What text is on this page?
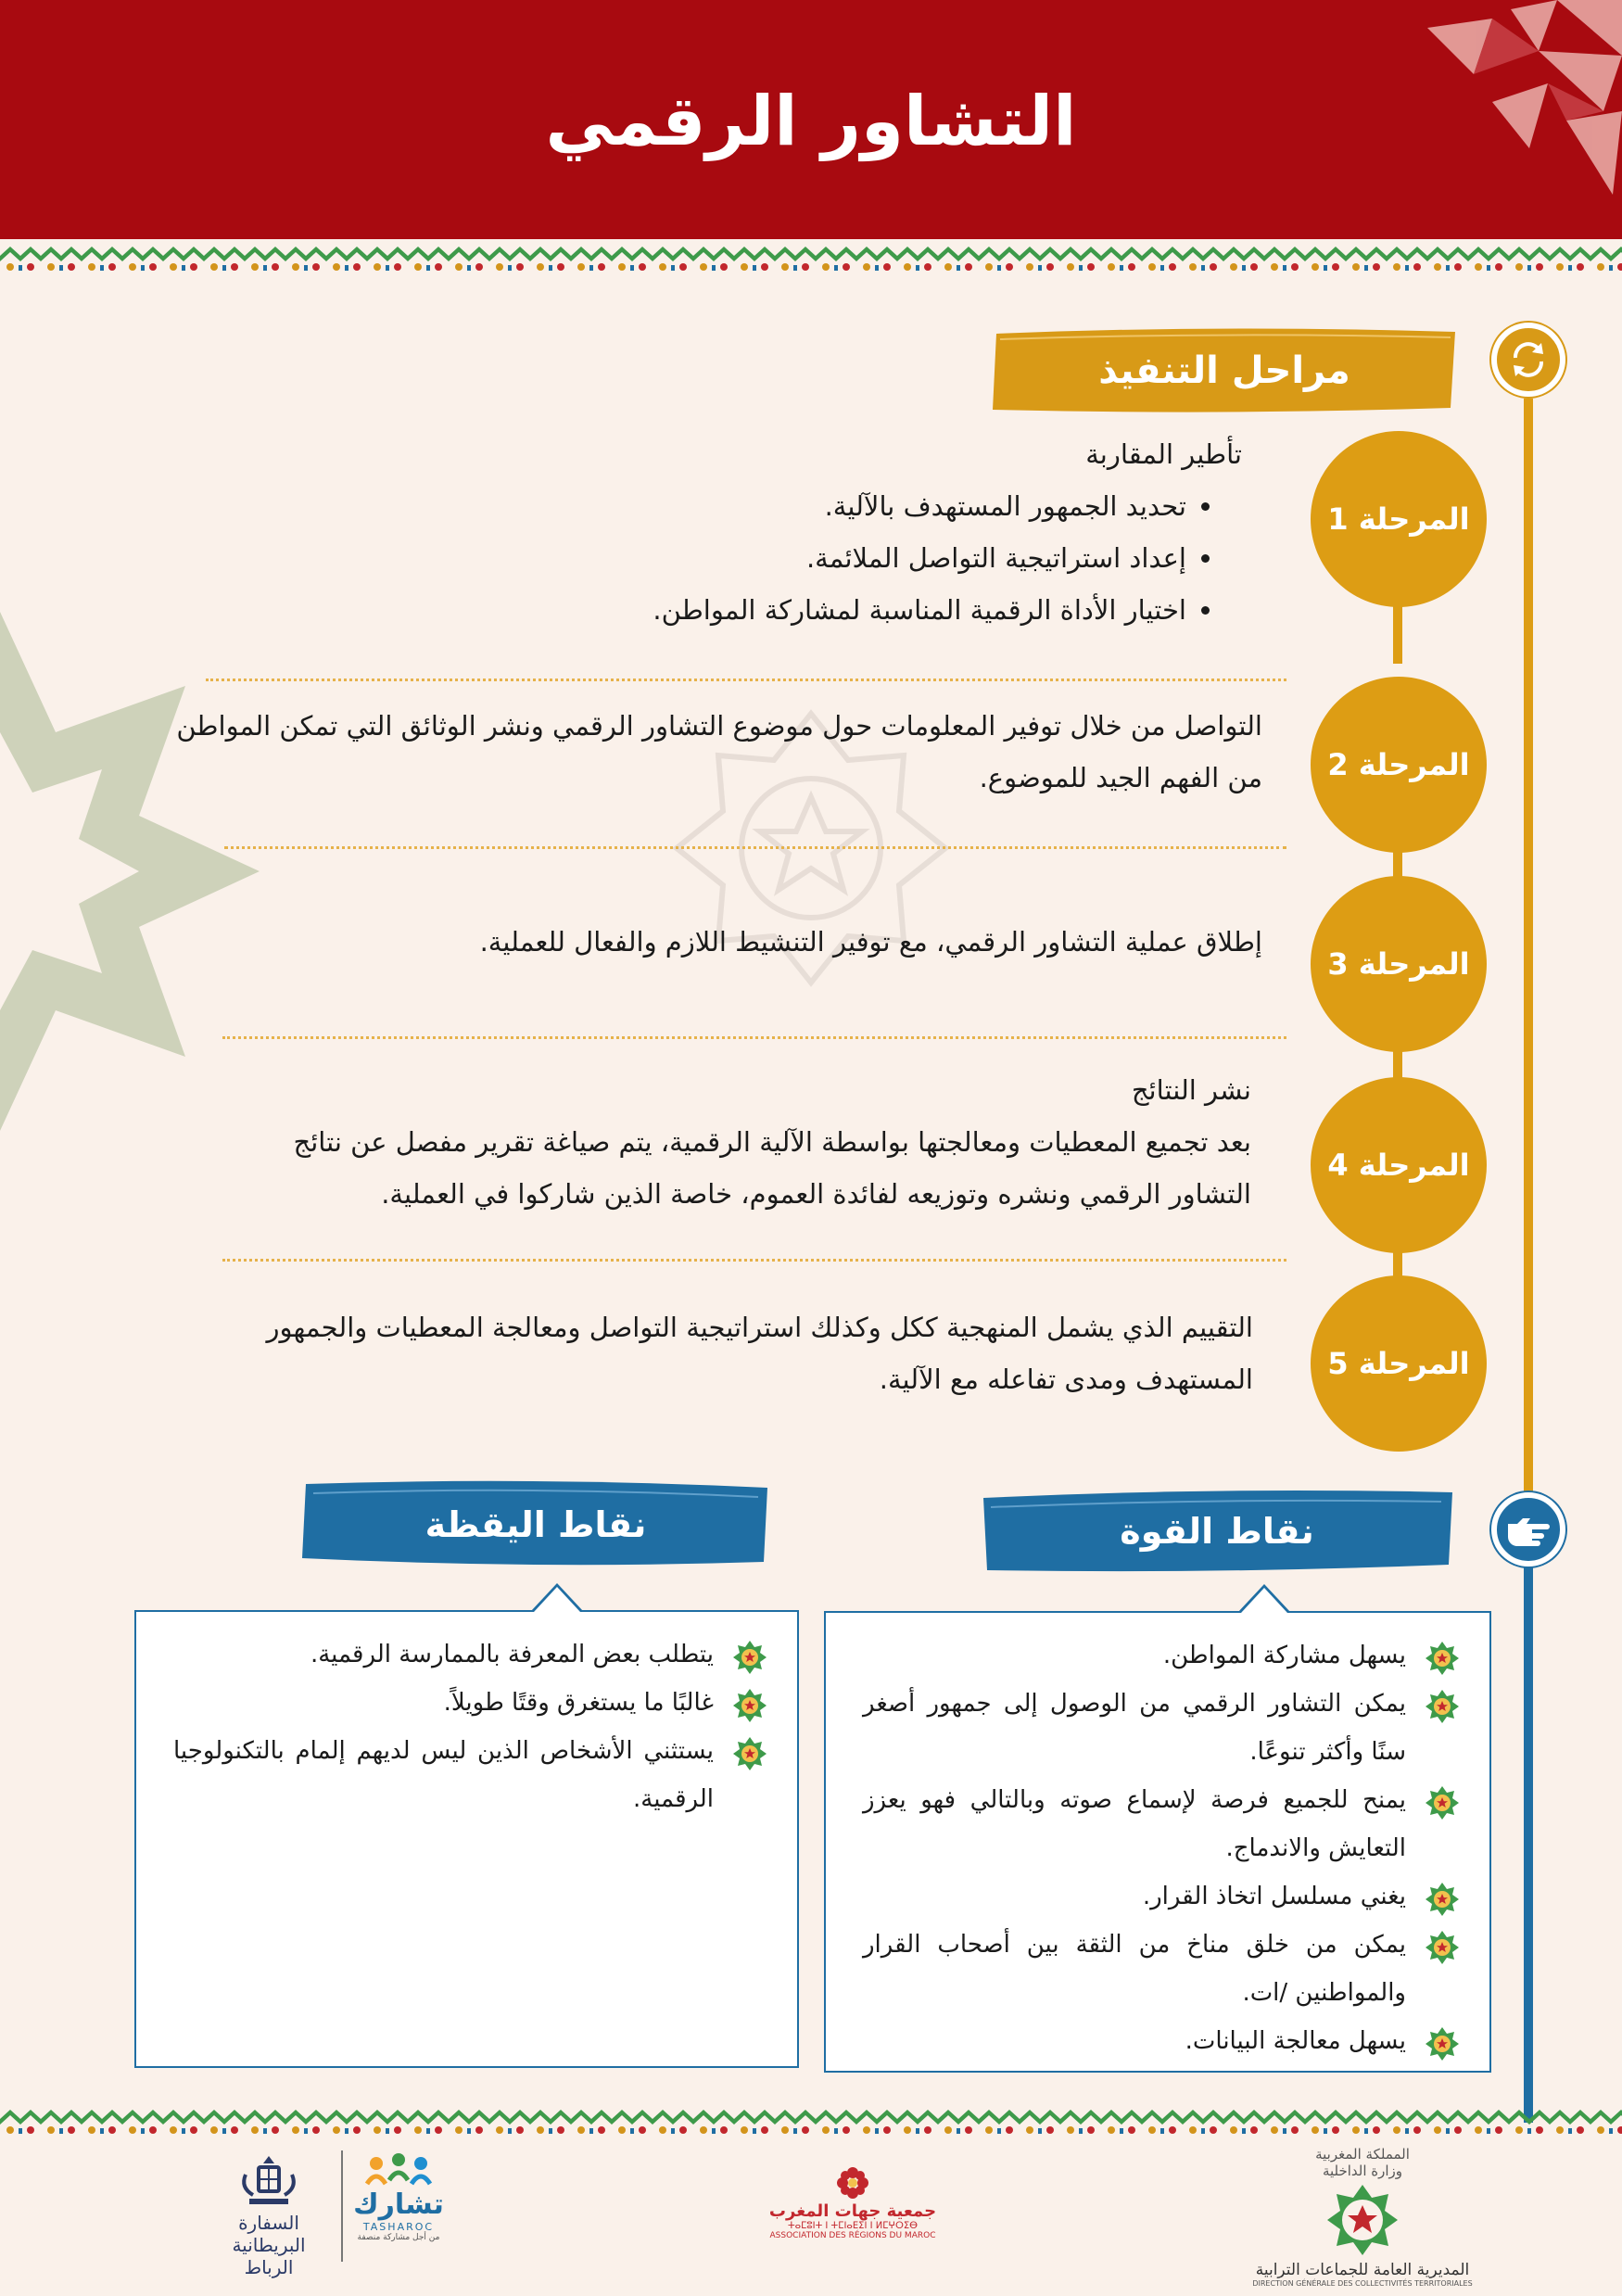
التشاور الرقمي
مراحل التنفيذ
المرحلة 1
تأطير المقاربة
• تحديد الجمهور المستهدف بالآلية.
• إعداد استراتيجية التواصل الملائمة.
• اختيار الأداة الرقمية المناسبة لمشاركة المواطن.
المرحلة 2
التواصل من خلال توفير المعلومات حول موضوع التشاور الرقمي ونشر الوثائق التي تمكن المواطن
من الفهم الجيد للموضوع.
المرحلة 3
إطلاق عملية التشاور الرقمي، مع توفير التنشيط اللازم والفعال للعملية.
المرحلة 4
نشر النتائج
بعد تجميع المعطيات ومعالجتها بواسطة الآلية الرقمية، يتم صياغة تقرير مفصل عن نتائج
التشاور الرقمي ونشره وتوزيعه لفائدة العموم، خاصة الذين شاركوا في العملية.
المرحلة 5
التقييم الذي يشمل المنهجية ككل وكذلك استراتيجية التواصل ومعالجة المعطيات والجمهور
المستهدف ومدى تفاعله مع الآلية.
نقاط القوة
يسهل مشاركة المواطن.
يمكن التشاور الرقمي من الوصول إلى جمهور أصغر سنًا وأكثر تنوعًا.
يمنح للجميع فرصة لإسماع صوته وبالتالي فهو يعزز التعايش والاندماج.
يغني مسلسل اتخاذ القرار.
يمكن من خلق مناخ من الثقة بين أصحاب القرار والمواطنين /ات.
يسهل معالجة البيانات.
نقاط اليقظة
يتطلب بعض المعرفة بالممارسة الرقمية.
غالبًا ما يستغرق وقتًا طويلاً.
يستثني الأشخاص الذين ليس لديهم إلمام بالتكنولوجيا الرقمية.
المملكة المغربية
وزارة الداخلية
المديرية العامة للجماعات الترابية
DIRECTION GÉNÉRALE DES COLLECTIVITÉS TERRITORIALES
جمعية جهات المغرب
ⵜⴰⵎⵓⵏⵜ ⵏ ⵜⵎⵏⴰⴹⵉⵏ ⵏ ⵍⵎⵖⵔⵉⴱ
ASSOCIATION DES RÉGIONS DU MAROC
تشارك
TASHAROC
من أجل مشاركة منصفة
السفارة البريطانية
الرباط
